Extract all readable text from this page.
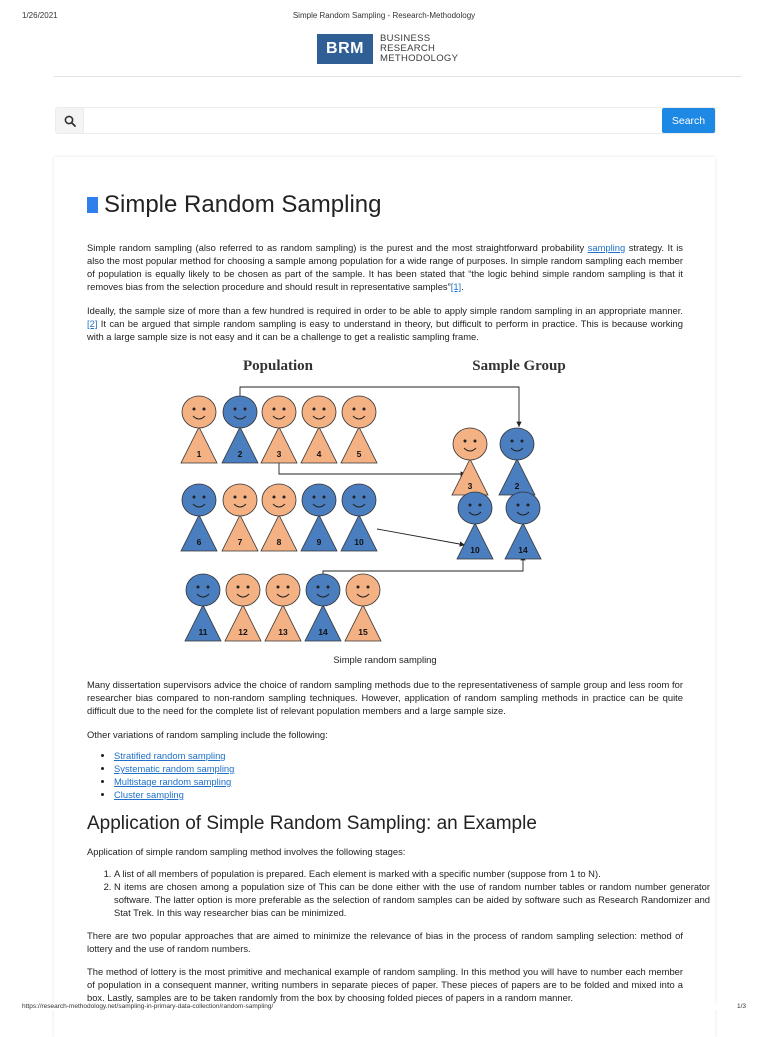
1/26/2021	Simple Random Sampling - Research-Methodology
BRM
BUSINESS
RESEARCH
METHODOLOGY
Search
Simple Random Sampling

Simple random sampling (also referred to as random sampling) is the purest and the most straightforward probability sampling strategy. It is also the most popular method for choosing a sample among population for a wide range of purposes. In simple random sampling each member of population is equally likely to be chosen as part of the sample. It has been stated that “the logic behind simple random sampling is that it removes bias from the selection procedure and should result in representative samples”[1].

Ideally, the sample size of more than a few hundred is required in order to be able to apply simple random sampling in an appropriate manner.[2] It can be argued that simple random sampling is easy to understand in theory, but difficult to perform in practice. This is because working with a large sample size is not easy and it can be a challenge to get a realistic sampling frame.

Population	Sample Group
1	2	3	4	5
6	7	8	9	10
11	12	13	14	15
3	2
10	14
Simple random sampling

Many dissertation supervisors advice the choice of random sampling methods due to the representativeness of sample group and less room for researcher bias compared to non-random sampling techniques. However, application of random sampling methods in practice can be quite difficult due to the need for the complete list of relevant population members and a large sample size.

Other variations of random sampling include the following:

• Stratified random sampling
• Systematic random sampling
• Multistage random sampling
• Cluster sampling
Application of Simple Random Sampling: an Example

Application of simple random sampling method involves the following stages:

1. A list of all members of population is prepared. Each element is marked with a specific number (suppose from 1 to N).
2. N items are chosen among a population size of This can be done either with the use of random number tables or random number generator software. The latter option is more preferable as the selection of random samples can be aided by software such as Research Randomizer and Stat Trek. In this way researcher bias can be minimized.

There are two popular approaches that are aimed to minimize the relevance of bias in the process of random sampling selection: method of lottery and the use of random numbers.

The method of lottery is the most primitive and mechanical example of random sampling. In this method you will have to number each member of population in a consequent manner, writing numbers in separate pieces of paper. These pieces of papers are to be folded and mixed into a box. Lastly, samples are to be taken randomly from the box by choosing folded pieces of papers in a random manner.

https://research-methodology.net/sampling-in-primary-data-collection/random-sampling/	1/3
